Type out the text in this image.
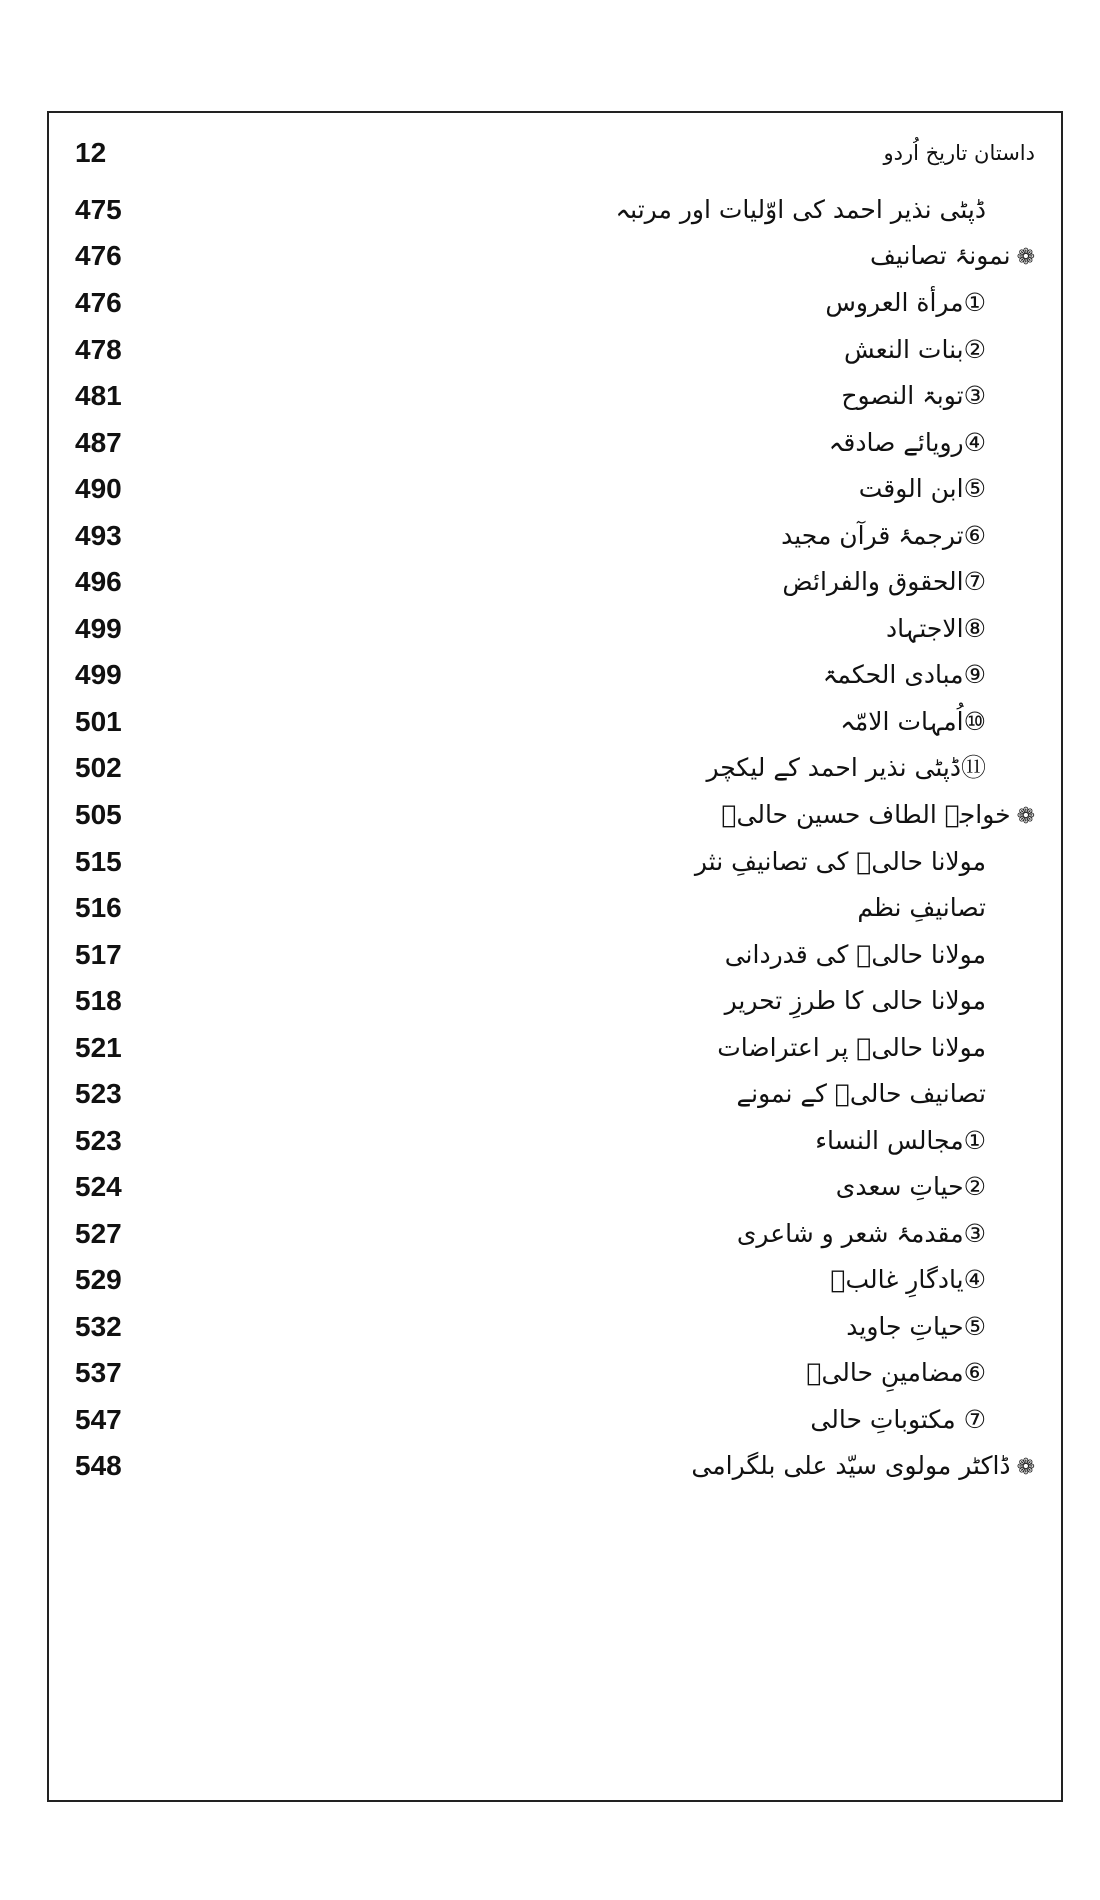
12	داستان تاریخ اُردو
475	ڈپٹی نذیر احمد کی اوّلیات اور مرتبہ
476	❁نمونۂ تصانیف
476	①مرأة العروس
478	②بنات النعش
481	③توبۃ النصوح
487	④رویائے صادقہ
490	⑤ابن الوقت
493	⑥ترجمۂ قرآن مجید
496	⑦الحقوق والفرائض
499	⑧الاجتہاد
499	⑨مبادی الحکمۃ
501	⑩اُمہات الامّہ
502	⑪ڈپٹی نذیر احمد کے لیکچر
505	❁خواجہ الطاف حسین حالیؔ
515	مولانا حالیؔ کی تصانیفِ نثر
516	تصانیفِ نظم
517	مولانا حالیؔ کی قدردانی
518	مولانا حالی کا طرزِ تحریر
521	مولانا حالیؔ پر اعتراضات
523	تصانیف حالیؔ کے نمونے
523	①مجالس النساء
524	②حیاتِ سعدی
527	③مقدمۂ شعر و شاعری
529	④یادگارِ غالبؔ
532	⑤حیاتِ جاوید
537	⑥مضامینِ حالیؔ
547	⑦ مکتوباتِ حالی
548	❁ڈاکٹر مولوی سیّد علی بلگرامی
